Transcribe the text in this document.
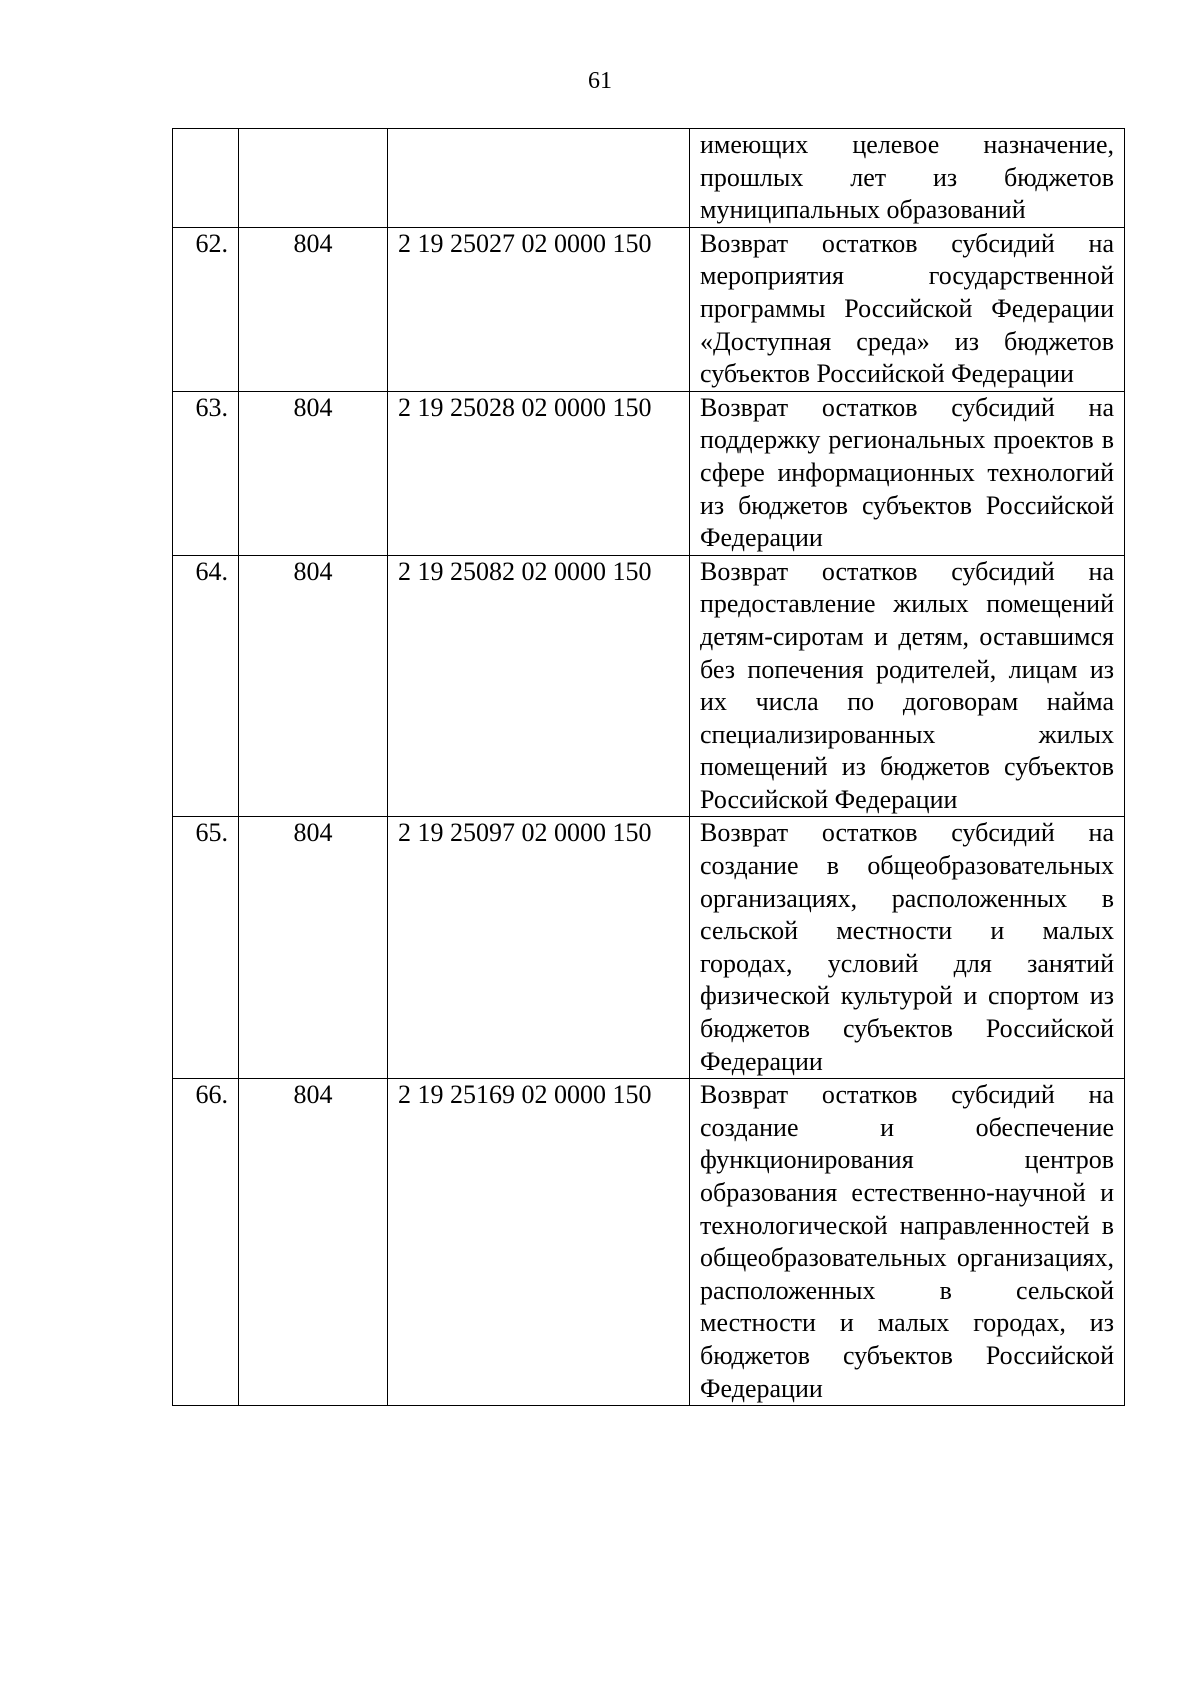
61
			имеющих целевое назначение, прошлых лет из бюджетов муниципальных образований
62.	804	2 19 25027 02 0000 150	Возврат остатков субсидий на мероприятия государственной программы Российской Федерации «Доступная среда» из бюджетов субъектов Российской Федерации
63.	804	2 19 25028 02 0000 150	Возврат остатков субсидий на поддержку региональных проектов в сфере информационных технологий из бюджетов субъектов Российской Федерации
64.	804	2 19 25082 02 0000 150	Возврат остатков субсидий на предоставление жилых помещений детям-сиротам и детям, оставшимся без попечения родителей, лицам из их числа по договорам найма специализированных жилых помещений из бюджетов субъектов Российской Федерации
65.	804	2 19 25097 02 0000 150	Возврат остатков субсидий на создание в общеобразовательных организациях, расположенных в сельской местности и малых городах, условий для занятий физической культурой и спортом из бюджетов субъектов Российской Федерации
66.	804	2 19 25169 02 0000 150	Возврат остатков субсидий на создание и обеспечение функционирования центров образования естественно-научной и технологической направленностей в общеобразовательных организациях, расположенных в сельской местности и малых городах, из бюджетов субъектов Российской Федерации
